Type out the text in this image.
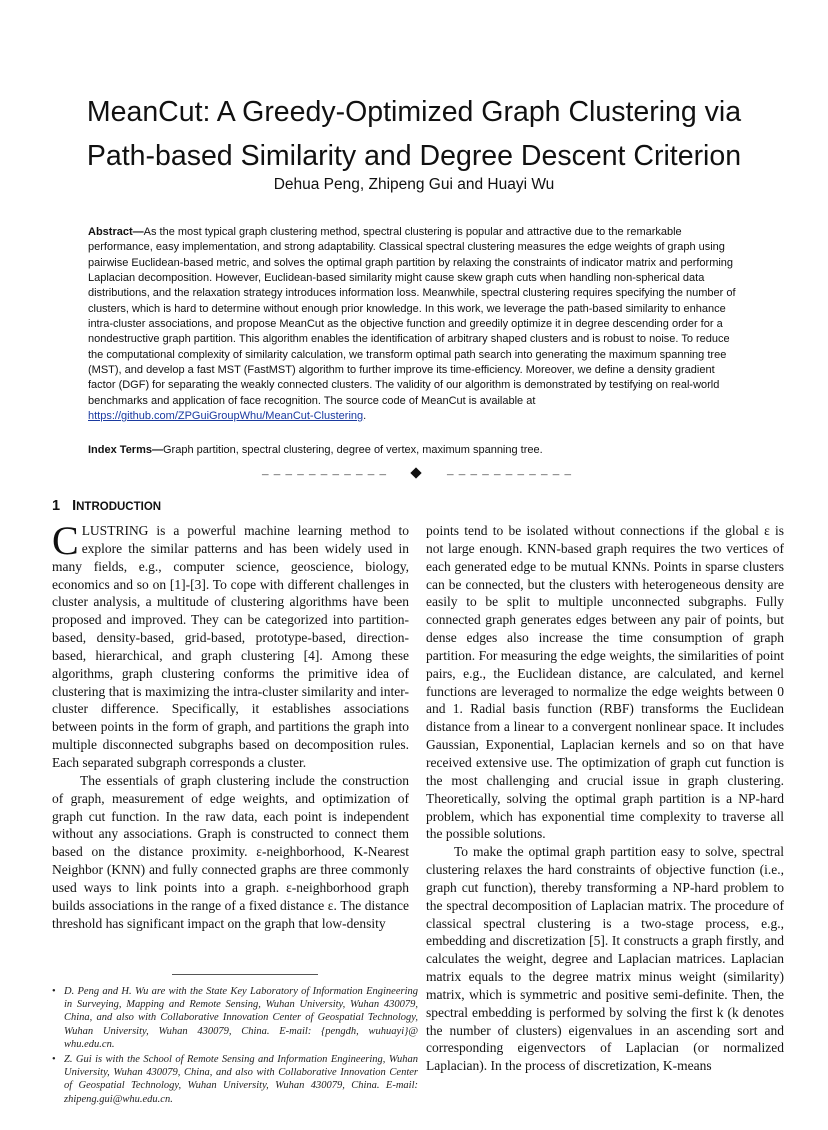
MeanCut: A Greedy-Optimized Graph Clustering via
Path-based Similarity and Degree Descent Criterion
Dehua Peng, Zhipeng Gui and Huayi Wu
Abstract—As the most typical graph clustering method, spectral clustering is popular and attractive due to the remarkable performance, easy implementation, and strong adaptability. Classical spectral clustering measures the edge weights of graph using pairwise Euclidean-based metric, and solves the optimal graph partition by relaxing the constraints of indicator matrix and performing Laplacian decomposition. However, Euclidean-based similarity might cause skew graph cuts when handling non-spherical data distributions, and the relaxation strategy introduces information loss. Meanwhile, spectral clustering requires specifying the number of clusters, which is hard to determine without enough prior knowledge. In this work, we leverage the path-based similarity to enhance intra-cluster associations, and propose MeanCut as the objective function and greedily optimize it in degree descending order for a nondestructive graph partition. This algorithm enables the identification of arbitrary shaped clusters and is robust to noise. To reduce the computational complexity of similarity calculation, we transform optimal path search into generating the maximum spanning tree (MST), and develop a fast MST (FastMST) algorithm to further improve its time-efficiency. Moreover, we define a density gradient factor (DGF) for separating the weakly connected clusters. The validity of our algorithm is demonstrated by testifying on real-world benchmarks and application of face recognition. The source code of MeanCut is available at https://github.com/ZPGuiGroupWhu/MeanCut-Clustering.
Index Terms—Graph partition, spectral clustering, degree of vertex, maximum spanning tree.
– – – – – – – – – – –	– – – – – – – – – – –
1 INTRODUCTION

CLUSTRING is a powerful machine learning method to explore the similar patterns and has been widely used in many fields, e.g., computer science, geoscience, biology, economics and so on [1]-[3]. To cope with different challenges in cluster analysis, a multitude of clustering algorithms have been proposed and improved. They can be categorized into partition-based, density-based, grid-based, prototype-based, direction-based, hierarchical, and graph clustering [4]. Among these algorithms, graph clustering conforms the primitive idea of clustering that is maximizing the intra-cluster similarity and inter-cluster difference. Specifically, it establishes associations between points in the form of graph, and partitions the graph into multiple disconnected subgraphs based on decomposition rules. Each separated subgraph corresponds a cluster.

The essentials of graph clustering include the construction of graph, measurement of edge weights, and optimization of graph cut function. In the raw data, each point is independent without any associations. Graph is constructed to connect them based on the distance proximity. ε-neighborhood, K-Nearest Neighbor (KNN) and fully connected graphs are three commonly used ways to link points into a graph. ε-neighborhood graph builds associations in the range of a fixed distance ε. The distance threshold has significant impact on the graph that low-density

points tend to be isolated without connections if the global ε is not large enough. KNN-based graph requires the two vertices of each generated edge to be mutual KNNs. Points in sparse clusters can be connected, but the clusters with heterogeneous density are easily to be split to multiple unconnected subgraphs. Fully connected graph generates edges between any pair of points, but dense edges also increase the time consumption of graph partition. For measuring the edge weights, the similarities of point pairs, e.g., the Euclidean distance, are calculated, and kernel functions are leveraged to normalize the edge weights between 0 and 1. Radial basis function (RBF) transforms the Euclidean distance from a linear to a convergent nonlinear space. It includes Gaussian, Exponential, Laplacian kernels and so on that have received extensive use. The optimization of graph cut function is the most challenging and crucial issue in graph clustering. Theoretically, solving the optimal graph partition is a NP-hard problem, which has exponential time complexity to traverse all the possible solutions.

To make the optimal graph partition easy to solve, spectral clustering relaxes the hard constraints of objective function (i.e., graph cut function), thereby transforming a NP-hard problem to the spectral decomposition of Laplacian matrix. The procedure of classical spectral clustering is a two-stage process, e.g., embedding and discretization [5]. It constructs a graph firstly, and calculates the weight, degree and Laplacian matrices. Laplacian matrix equals to the degree matrix minus weight (similarity) matrix, which is symmetric and positive semi-definite. Then, the spectral embedding is performed by solving the first k (k denotes the number of clusters) eigenvalues in an ascending sort and corresponding eigenvectors of Laplacian (or normalized Laplacian). In the process of discretization, K-means

• D. Peng and H. Wu are with the State Key Laboratory of Information Engineering in Surveying, Mapping and Remote Sensing, Wuhan University, Wuhan 430079, China, and also with Collaborative Innovation Center of Geospatial Technology, Wuhan University, Wuhan 430079, China. E-mail: {pengdh, wuhuayi}@ whu.edu.cn.
• Z. Gui is with the School of Remote Sensing and Information Engineering, Wuhan University, Wuhan 430079, China, and also with Collaborative Innovation Center of Geospatial Technology, Wuhan University, Wuhan 430079, China. E-mail: zhipeng.gui@whu.edu.cn.
